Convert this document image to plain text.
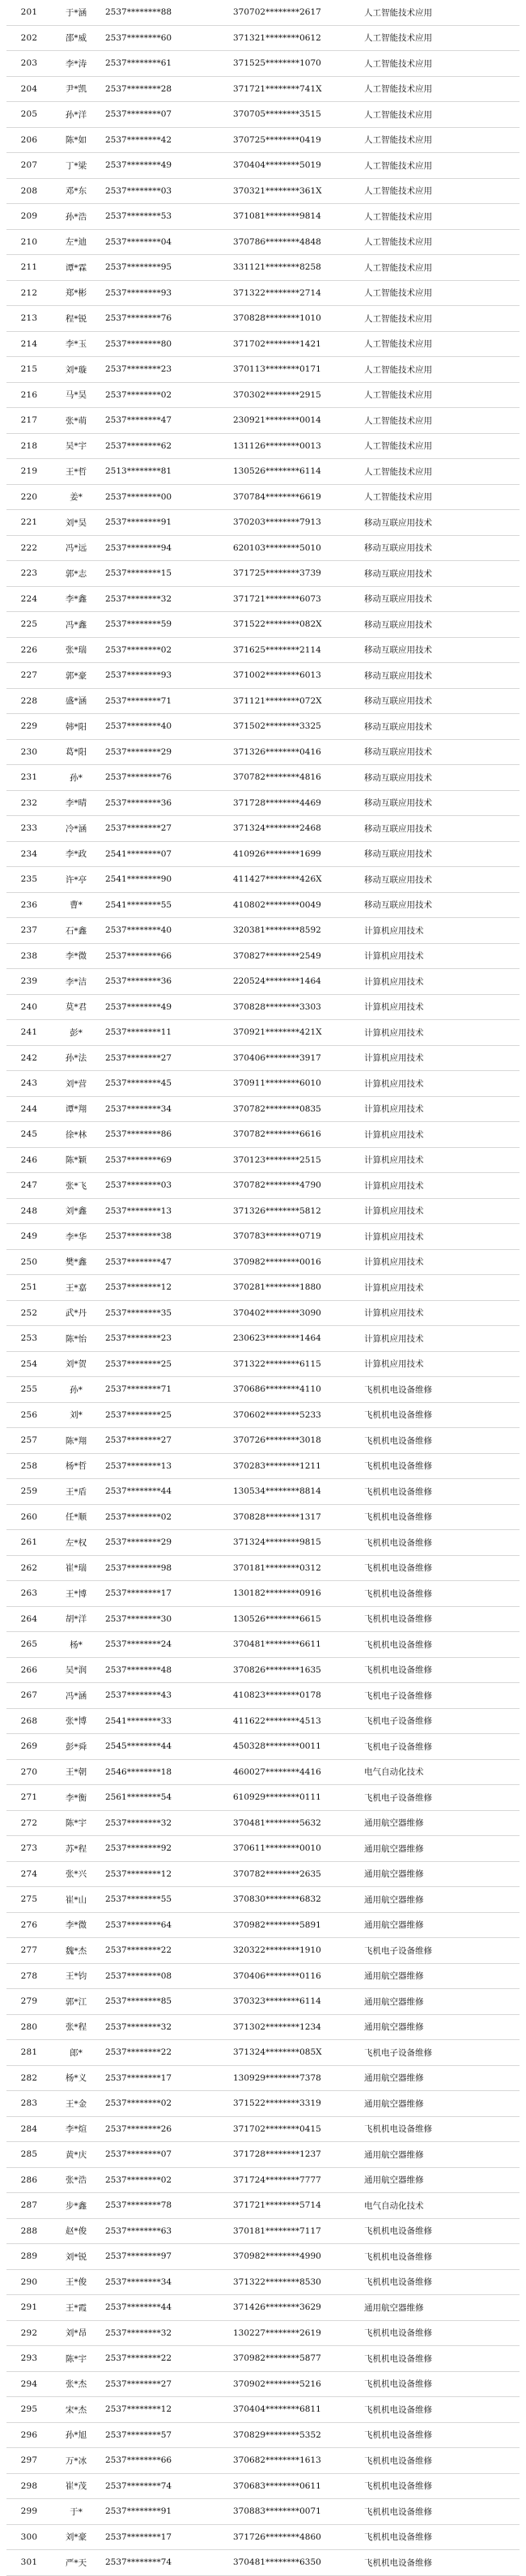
201	于*涵	2537********88	370702********2617	人工智能技术应用
202	邵*威	2537********60	371321********0612	人工智能技术应用
203	李*涛	2537********61	371525********1070	人工智能技术应用
204	尹*凯	2537********28	371721********741X	人工智能技术应用
205	孙*洋	2537********07	370705********3515	人工智能技术应用
206	陈*如	2537********42	370725********0419	人工智能技术应用
207	丁*梁	2537********49	370404********5019	人工智能技术应用
208	邓*东	2537********03	370321********361X	人工智能技术应用
209	孙*浩	2537********53	371081********9814	人工智能技术应用
210	左*迪	2537********04	370786********4848	人工智能技术应用
211	谭*霖	2537********95	331121********8258	人工智能技术应用
212	郑*彬	2537********93	371322********2714	人工智能技术应用
213	程*锐	2537********76	370828********1010	人工智能技术应用
214	李*玉	2537********80	371702********1421	人工智能技术应用
215	刘*璇	2537********23	370113********0171	人工智能技术应用
216	马*昊	2537********02	370302********2915	人工智能技术应用
217	张*萌	2537********47	230921********0014	人工智能技术应用
218	吴*宇	2537********62	131126********0013	人工智能技术应用
219	王*哲	2513********81	130526********6114	人工智能技术应用
220	姜*	2537********00	370784********6619	人工智能技术应用
221	刘*昊	2537********91	370203********7913	移动互联应用技术
222	冯*远	2537********94	620103********5010	移动互联应用技术
223	郭*志	2537********15	371725********3739	移动互联应用技术
224	李*鑫	2537********32	371721********6073	移动互联应用技术
225	冯*鑫	2537********59	371522********082X	移动互联应用技术
226	张*瑞	2537********02	371625********2114	移动互联应用技术
227	郭*豪	2537********93	371002********6013	移动互联应用技术
228	盛*涵	2537********71	371121********072X	移动互联应用技术
229	韩*阳	2537********40	371502********3325	移动互联应用技术
230	葛*阳	2537********29	371326********0416	移动互联应用技术
231	孙*	2537********76	370782********4816	移动互联应用技术
232	李*晴	2537********36	371728********4469	移动互联应用技术
233	冷*涵	2537********27	371324********2468	移动互联应用技术
234	李*政	2541********07	410926********1699	移动互联应用技术
235	许*亭	2541********90	411427********426X	移动互联应用技术
236	曹*	2541********55	410802********0049	移动互联应用技术
237	石*鑫	2537********40	320381********8592	计算机应用技术
238	李*微	2537********66	370827********2549	计算机应用技术
239	李*洁	2537********36	220524********1464	计算机应用技术
240	莫*君	2537********49	370828********3303	计算机应用技术
241	彭*	2537********11	370921********421X	计算机应用技术
242	孙*法	2537********27	370406********3917	计算机应用技术
243	刘*营	2537********45	370911********6010	计算机应用技术
244	谭*翔	2537********34	370782********0835	计算机应用技术
245	徐*林	2537********86	370782********6616	计算机应用技术
246	陈*颖	2537********69	370123********2515	计算机应用技术
247	张*飞	2537********03	370782********4790	计算机应用技术
248	刘*鑫	2537********13	371326********5812	计算机应用技术
249	李*华	2537********38	370783********0719	计算机应用技术
250	樊*鑫	2537********47	370982********0016	计算机应用技术
251	王*嘉	2537********12	370281********1880	计算机应用技术
252	武*丹	2537********35	370402********3090	计算机应用技术
253	陈*怡	2537********23	230623********1464	计算机应用技术
254	刘*贺	2537********25	371322********6115	计算机应用技术
255	孙*	2537********71	370686********4110	飞机机电设备维修
256	刘*	2537********25	370602********5233	飞机机电设备维修
257	陈*翔	2537********27	370726********3018	飞机机电设备维修
258	杨*哲	2537********13	370283********1211	飞机机电设备维修
259	王*盾	2537********44	130534********8814	飞机机电设备维修
260	任*顺	2537********02	370828********1317	飞机机电设备维修
261	左*权	2537********29	371324********9815	飞机机电设备维修
262	崔*瑞	2537********98	370181********0312	飞机机电设备维修
263	王*博	2537********17	130182********0916	飞机机电设备维修
264	胡*洋	2537********30	130526********6615	飞机机电设备维修
265	杨*	2537********24	370481********6611	飞机机电设备维修
266	吴*润	2537********48	370826********1635	飞机机电设备维修
267	冯*涵	2537********43	410823********0178	飞机电子设备维修
268	张*博	2541********33	411622********4513	飞机电子设备维修
269	彭*舜	2545********44	450328********0011	飞机电子设备维修
270	王*朝	2546********18	460027********4416	电气自动化技术
271	李*衡	2561********54	610929********0111	飞机电子设备维修
272	陈*宇	2537********32	370481********5632	通用航空器维修
273	苏*程	2537********92	370611********0010	通用航空器维修
274	张*兴	2537********12	370782********2635	通用航空器维修
275	崔*山	2537********55	370830********6832	通用航空器维修
276	李*微	2537********64	370982********5891	通用航空器维修
277	魏*杰	2537********22	320322********1910	飞机电子设备维修
278	王*钧	2537********08	370406********0116	通用航空器维修
279	郭*江	2537********85	370323********6114	通用航空器维修
280	张*程	2537********32	371302********1234	通用航空器维修
281	郎*	2537********22	371324********085X	飞机电子设备维修
282	杨*义	2537********17	130929********7378	通用航空器维修
283	王*金	2537********02	371522********3319	通用航空器维修
284	李*煊	2537********26	371702********0415	飞机机电设备维修
285	黄*庆	2537********07	371728********1237	通用航空器维修
286	张*浩	2537********02	371724********7777	通用航空器维修
287	步*鑫	2537********78	371721********5714	电气自动化技术
288	赵*俊	2537********63	370181********7117	飞机机电设备维修
289	刘*锐	2537********97	370982********4990	飞机机电设备维修
290	王*俊	2537********34	371322********8530	飞机机电设备维修
291	王*霞	2537********44	371426********3629	通用航空器维修
292	刘*昂	2537********32	130227********2619	飞机机电设备维修
293	陈*宇	2537********22	370982********5877	飞机机电设备维修
294	张*杰	2537********27	370902********5216	飞机机电设备维修
295	宋*杰	2537********12	370404********6811	飞机机电设备维修
296	孙*旭	2537********57	370829********5352	飞机机电设备维修
297	万*冰	2537********66	370682********1613	飞机机电设备维修
298	崔*茂	2537********74	370683********0611	飞机机电设备维修
299	于*	2537********91	370883********0071	飞机机电设备维修
300	刘*豪	2537********17	371726********4860	飞机机电设备维修
301	严*天	2537********74	370481********6350	飞机机电设备维修
